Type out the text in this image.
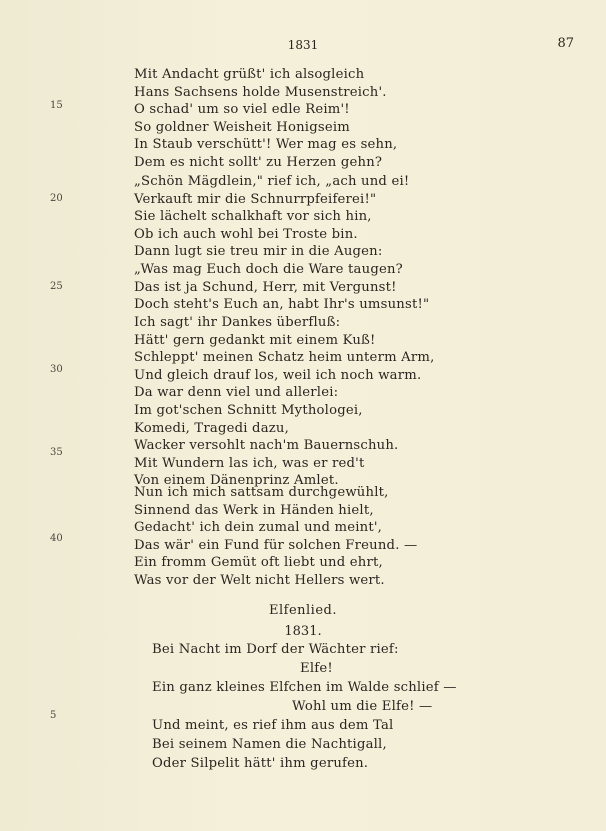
1831	87
15
20
25
30
35
40
5
Mit Andacht grüßt' ich alsogleich
Hans Sachsens holde Musenstreich'.
O schad' um so viel edle Reim'!
So goldner Weisheit Honigseim
In Staub verschütt'! Wer mag es sehn,
Dem es nicht sollt' zu Herzen gehn?
„Schön Mägdlein," rief ich, „ach und ei!
Verkauft mir die Schnurrpfeiferei!"
Sie lächelt schalkhaft vor sich hin,
Ob ich auch wohl bei Troste bin.
Dann lugt sie treu mir in die Augen:
„Was mag Euch doch die Ware taugen?
Das ist ja Schund, Herr, mit Vergunst!
Doch steht's Euch an, habt Ihr's umsunst!"
Ich sagt' ihr Dankes überfluß:
Hätt' gern gedankt mit einem Kuß!
Schleppt' meinen Schatz heim unterm Arm,
Und gleich drauf los, weil ich noch warm.
Da war denn viel und allerlei:
Im got'schen Schnitt Mythologei,
Komedi, Tragedi dazu,
Wacker versohlt nach'm Bauernschuh.
Mit Wundern las ich, was er red't
Von einem Dänenprinz Amlet.
Nun ich mich sattsam durchgewühlt,
Sinnend das Werk in Händen hielt,
Gedacht' ich dein zumal und meint',
Das wär' ein Fund für solchen Freund. —
Ein fromm Gemüt oft liebt und ehrt,
Was vor der Welt nicht Hellers wert.
Elfenlied.
1831.
Bei Nacht im Dorf der Wächter rief:
Elfe!
Ein ganz kleines Elfchen im Walde schlief —
Wohl um die Elfe! —
Und meint, es rief ihm aus dem Tal
Bei seinem Namen die Nachtigall,
Oder Silpelit hätt' ihm gerufen.
